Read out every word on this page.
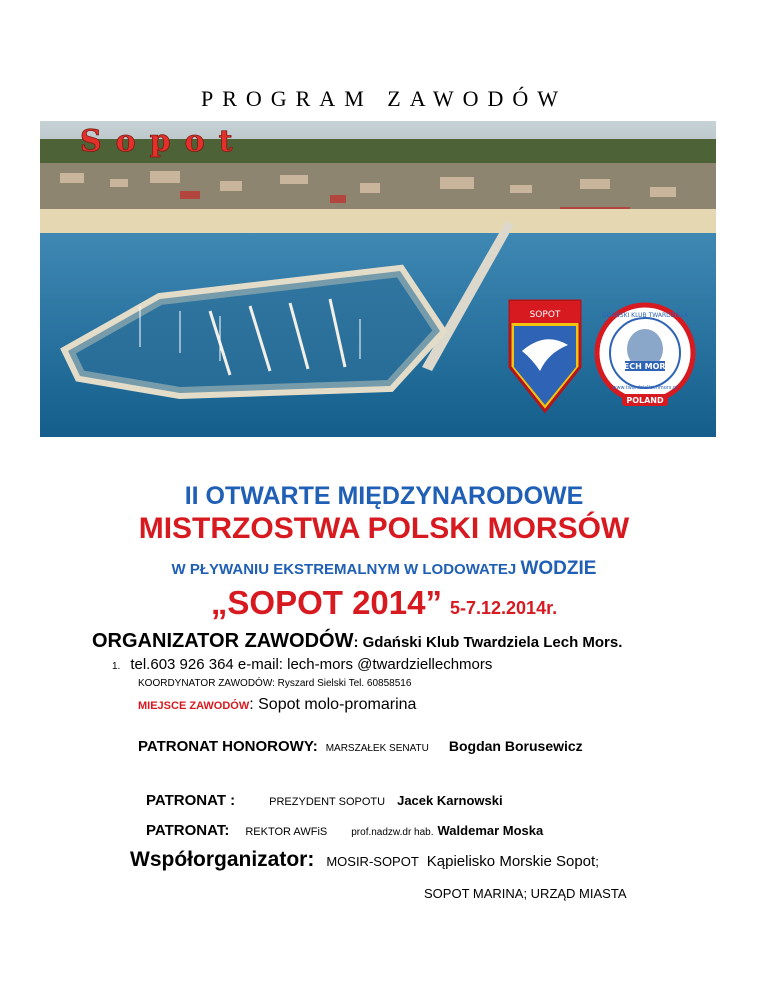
PROGRAM ZAWODÓW
Sopot
SOPOT	GDAŃSKI KLUB TWARDZIELA
www.twardziellechmors.pl
LECH MORS
POLAND
II OTWARTE MIĘDZYNARODOWE
MISTRZOSTWA POLSKI MORSÓW
W PŁYWANIU EKSTREMALNYM W LODOWATEJ WODZIE
„SOPOT 2014” 5-7.12.2014r.
ORGANIZATOR ZAWODÓW: Gdański Klub Twardziela Lech Mors.
1. tel.603 926 364 e-mail: lech-mors @twardziellechmors
KOORDYNATOR ZAWODÓW: Ryszard Sielski Tel. 60858516
MIEJSCE ZAWODÓW: Sopot molo-promarina
PATRONAT HONOROWY: MARSZAŁEK SENATU Bogdan Borusewicz
PATRONAT :	PREZYDENT SOPOTU Jacek Karnowski
PATRONAT: REKTOR AWFiS prof.nadzw.dr hab. Waldemar Moska
Współorganizator: MOSIR-SOPOT Kąpielisko Morskie Sopot;
SOPOT MARINA; URZĄD MIASTA
